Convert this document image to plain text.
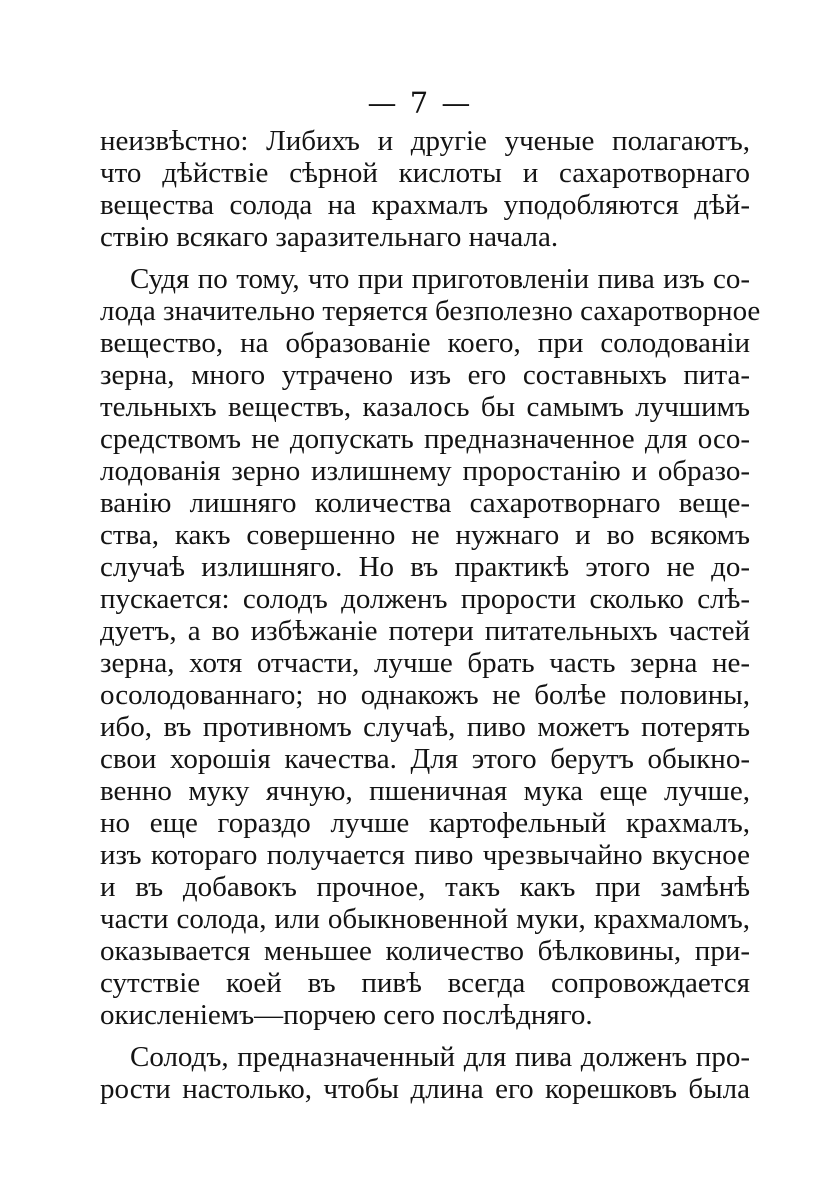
— 7 —
неизвѣстно: Либихъ и другіе ученые полагаютъ,
что дѣйствіе сѣрной кислоты и сахаротворнаго
вещества солода на крахмалъ уподобляются дѣй-
ствію всякаго заразительнаго начала.
Судя по тому, что при приготовленіи пива изъ со-
лода значительно теряется безполезно сахаротворное
вещество, на образованіе коего, при солодованіи
зерна, много утрачено изъ его составныхъ пита-
тельныхъ веществъ, казалось бы самымъ лучшимъ
средствомъ не допускать предназначенное для осо-
лодованія зерно излишнему проростанію и образо-
ванію лишняго количества сахаротворнаго веще-
ства, какъ совершенно не нужнаго и во всякомъ
случаѣ излишняго. Но въ практикѣ этого не до-
пускается: солодъ долженъ прорости сколько слѣ-
дуетъ, а во избѣжаніе потери питательныхъ частей
зерна, хотя отчасти, лучше брать часть зерна не-
осолодованнаго; но однакожъ не болѣе половины,
ибо, въ противномъ случаѣ, пиво можетъ потерять
свои хорошія качества. Для этого берутъ обыкно-
венно муку ячную, пшеничная мука еще лучше,
но еще гораздо лучше картофельный крахмалъ,
изъ котораго получается пиво чрезвычайно вкусное
и въ добавокъ прочное, такъ какъ при замѣнѣ
части солода, или обыкновенной муки, крахмаломъ,
оказывается меньшее количество бѣлковины, при-
сутствіе коей въ пивѣ всегда сопровождается
окисленіемъ—порчею сего послѣдняго.
Солодъ, предназначенный для пива долженъ про-
рости настолько, чтобы длина его корешковъ была
